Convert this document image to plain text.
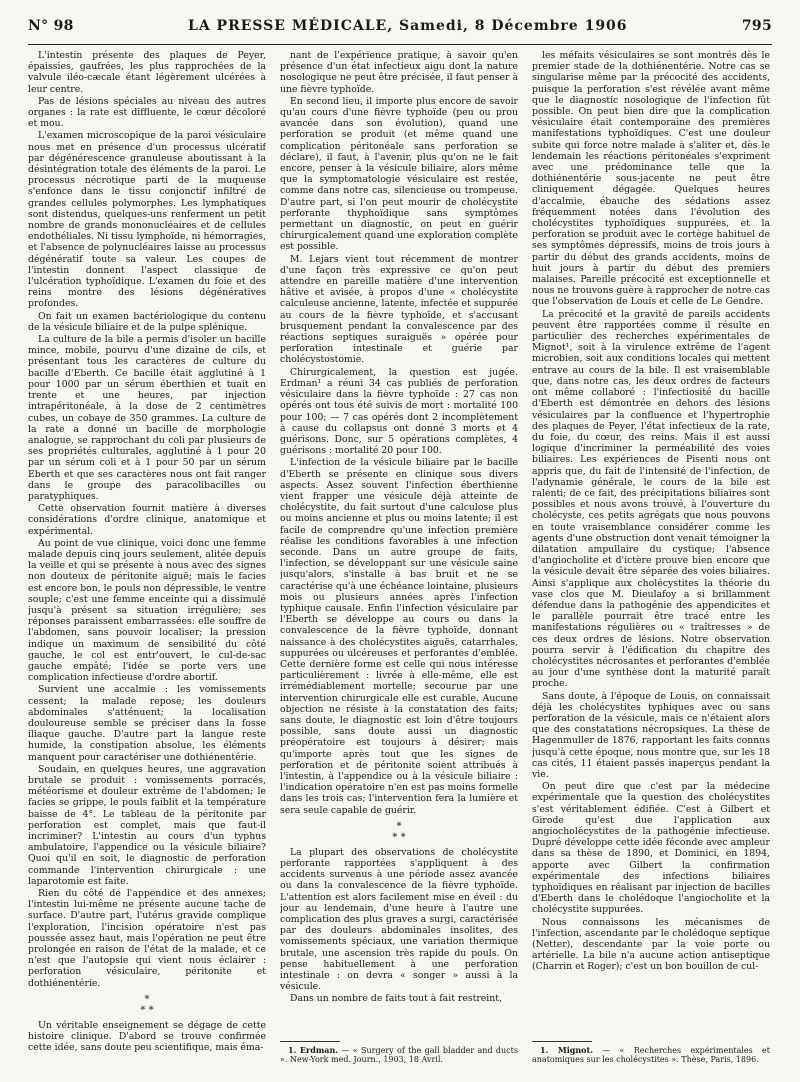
N° 98	LA PRESSE MÉDICALE, Samedi, 8 Décembre 1906	795

L'intestin présente des plaques de Peyer, épaissies, gaufrées, les plus rapprochées de la valvule iléo-cæcale étant légèrement ulcérées à leur centre.

Pas de lésions spéciales au niveau des autres organes : la rate est diffluente, le cœur décoloré et mou.

L'examen microscopique de la paroi vésiculaire nous met en présence d'un processus ulcératif par dégénérescence granuleuse aboutissant à la désintégration totale des éléments de la paroi. Le processus nécrotique parti de la muqueuse s'enfonce dans le tissu conjonctif infiltré de grandes cellules polymorphes. Les lymphatiques sont distendus, quelques-uns renferment un petit nombre de grands mononucléaires et de cellules endothéliales. Ni tissu lymphoïde, ni hémorragies, et l'absence de polynucléaires laisse au processus dégénératif toute sa valeur. Les coupes de l'intestin donnent l'aspect classique de l'ulcération typhoïdique. L'examen du foie et des reins montre des lésions dégénératives profondes.

On fait un examen bactériologique du contenu de la vésicule biliaire et de la pulpe splénique.

La culture de la bile a permis d'isoler un bacille mince, mobile, pourvu d'une dizaine de cils, et présentant tous les caractères de culture du bacille d'Eberth. Ce bacille était agglutiné à 1 pour 1000 par un sérum éberthien et tuait en trente et une heures, par injection intrapéritonéale, à la dose de 2 centimètres cubes, un cobaye de 350 grammes. La culture de la rate a donné un bacille de morphologie analogue, se rapprochant du coli par plusieurs de ses propriétés culturales, agglutiné à 1 pour 20 par un sérum coli et à 1 pour 50 par un sérum Eberth et que ses caractères nous ont fait ranger dans le groupe des paracolibacilles ou paratyphiques.

Cette observation fournit matière à diverses considérations d'ordre clinique, anatomique et expérimental.

Au point de vue clinique, voici donc une femme malade depuis cinq jours seulement, alitée depuis la veille et qui se présente à nous avec des signes non douteux de péritonite aiguë; mais le facies est encore bon, le pouls non dépressible, le ventre souple; c'est une femme enceinte qui a dissimulé jusqu'à présent sa situation irrégulière; ses réponses paraissent embarrassées: elle souffre de l'abdomen, sans pouvoir localiser; la pression indique un maximum de sensibilité du côté gauche, le col est entr'ouvert, le cul-de-sac gauche empâté; l'idée se porte vers une complication infectieuse d'ordre abortif.

Survient une accalmie : les vomissements cessent; la malade repose; les douleurs abdominales s'atténuent; la localisation douloureuse semble se préciser dans la fosse iliaque gauche. D'autre part la langue reste humide, la constipation absolue, les éléments manquent pour caractériser une dothiénentérie.

Soudain, en quelques heures, une aggravation brutale se produit : vomissements porracés, météorisme et douleur extrême de l'abdomen; le facies se grippe, le pouls faiblit et la température baisse de 4°. Le tableau de la péritonite par perforation est complet, mais que faut-il incriminer? L'intestin au cours d'un typhus ambulatoire, l'appendice ou la vésicule biliaire? Quoi qu'il en soit, le diagnostic de perforation commande l'intervention chirurgicale : une laparotomie est faite.

Rien du côté de l'appendice et des annexes; l'intestin lui-même ne présente aucune tache de surface. D'autre part, l'utérus gravide complique l'exploration, l'incision opératoire n'est pas poussée assez haut, mais l'opération ne peut être prolongée en raison de l'état de la malade, et ce n'est que l'autopsie qui vient nous éclairer : perforation vésiculaire, péritonite et dothiénentérie.

*
* *

Un véritable enseignement se dégage de cette histoire clinique. D'abord se trouve confirmée cette idée, sans doute peu scientifique, mais éma-

nant de l'expérience pratique, à savoir qu'en présence d'un état infectieux aigu dont la nature nosologique ne peut être précisée, il faut penser à une fièvre typhoïde.

En second lieu, il importe plus encore de savoir qu'au cours d'une fièvre typhoïde (peu ou prou avancée dans son évolution), quand une perforation se produit (et même quand une complication péritonéale sans perforation se déclare), il faut, à l'avenir, plus qu'on ne le fait encore, penser à la vésicule biliaire, alors même que la symptomatologie vésiculaire est restée, comme dans notre cas, silencieuse ou trompeuse. D'autre part, si l'on peut mourir de cholécystite perforante thyphoïdique sans symptômes permettant un diagnostic, on peut en guérir chirurgicalement quand une exploration complète est possible.

M. Lejars vient tout récemment de montrer d'une façon très expressive ce qu'on peut attendre en pareille matière d'une intervention hâtive et avisée, à propos d'une « cholécystite calculeuse ancienne, latente, infectée et suppurée au cours de la fièvre typhoïde, et s'accusant brusquement pendant la convalescence par des réactions septiques suraiguës » opérée pour perforation intestinale et guérie par cholécystostomie.

Chirurgicalement, la question est jugée. Erdman¹ a réuni 34 cas publiés de perforation vésiculaire dans la fièvre typhoïde : 27 cas non opérés ont tous été suivis de mort : mortalité 100 pour 100; — 7 cas opérés dont 2 incomplètement à cause du collapsus ont donné 3 morts et 4 guérisons. Donc, sur 5 opérations complètes, 4 guérisons : mortalité 20 pour 100.

L'infection de la vésicule biliaire par le bacille d'Eberth se présente en clinique sous divers aspects. Assez souvent l'infection éberthienne vient frapper une vésicule déjà atteinte de cholécystite, du fait surtout d'une calculose plus ou moins ancienne et plus ou moins latente; il est facile de comprendre qu'une infection première réalise les conditions favorables à une infection seconde. Dans un autre groupe de faits, l'infection, se développant sur une vésicule saine jusqu'alors, s'installe à bas bruit et ne se caractérise qu'à une échéance lointaine, plusieurs mois ou plusieurs années après l'infection typhique causale. Enfin l'infection vésiculaire par l'Eberth se développe au cours ou dans la convalescence de la fièvre typhoïde, donnant naissance à des cholécystites aiguës, catarrhales, suppurées ou ulcéreuses et perforantes d'emblée. Cette dernière forme est celle qui nous intéresse particulièrement : livrée à elle-même, elle est irrémédiablement mortelle; secourue par une intervention chirurgicale elle est curable. Aucune objection ne résiste à la constatation des faits; sans doute, le diagnostic est loin d'être toujours possible, sans doute aussi un diagnostic préopératoire est toujours à désirer; mais qu'importe après tout que les signes de perforation et de péritonite soient attribués à l'intestin, à l'appendice ou à la vésicule biliaire : l'indication opératoire n'en est pas moins formelle dans les trois cas; l'intervention fera la lumière et sera seule capable de guérir.

*
* *

La plupart des observations de cholécystite perforante rapportées s'appliquent à des accidents survenus à une période assez avancée ou dans la convalescence de la fièvre typhoïde. L'attention est alors facilement mise en éveil : du jour au lendemain, d'une heure à l'autre une complication des plus graves a surgi, caractérisée par des douleurs abdominales insolites, des vomissements spéciaux, une variation thermique brutale, une ascension très rapide du pouls. On pense habituellement à une perforation intestinale : on devra « songer » aussi à la vésicule.

Dans un nombre de faits tout à fait restreint,

1. Erdman. — « Surgery of the gall bladder and ducts ». New-York med. Journ., 1903, 18 Avril.

les méfaits vésiculaires se sont montrés dès le premier stade de la dothiénentérie. Notre cas se singularise même par la précocité des accidents, puisque la perforation s'est révélée avant même que le diagnostic nosologique de l'infection fût possible. On peut bien dire que la complication vésiculaire était contemporaine des premières manifestations typhoïdiques. C'est une douleur subite qui force notre malade à s'aliter et, dès le lendemain les réactions péritonéales s'expriment avec une prédominance telle que la dothiénentérie sous-jacente ne peut être cliniquement dégagée. Quelques heures d'accalmie, ébauche des sédations assez fréquemment notées dans l'évolution des cholécystites typhoïdiques suppurées, et la perforation se produit avec le cortège habituel de ses symptômes dépressifs, moins de trois jours à partir du début des grands accidents, moins de huit jours à partir du début des premiers malaises. Pareille précocité est exceptionnelle et nous ne trouvons guère à rapprocher de notre cas que l'observation de Louis et celle de Le Gendre.

La précocité et la gravité de pareils accidents peuvent être rapportées comme il résulte en particulier des recherches expérimentales de Mignot¹, soit à la virulence extrême de l'agent microbien, soit aux conditions locales qui mettent entrave au cours de la bile. Il est vraisemblable que, dans notre cas, les deux ordres de facteurs ont même collaboré : l'infectiosité du bacille d'Eberth est démontrée en dehors des lésions vésiculaires par la confluence et l'hypertrophie des plaques de Peyer, l'état infectieux de la rate, du foie, du cœur, des reins. Mais il est aussi logique d'incriminer la perméabilité des voies biliaires. Les expériences de Pisenti nous ont appris que, du fait de l'intensité de l'infection, de l'adynamie générale, le cours de la bile est ralenti; de ce fait, des précipitations biliaires sont possibles et nous avons trouvé, à l'ouverture du cholécyste, ces petits agrégats que nous pouvons en toute vraisemblance considérer comme les agents d'une obstruction dont venait témoigner la dilatation ampullaire du cystique; l'absence d'angiocholite et d'ictère prouve bien encore que la vésicule devait être séparée des voies biliaires. Ainsi s'applique aux cholécystites la théorie du vase clos que M. Dieulafoy a si brillamment défendue dans la pathogénie des appendicites et le parallèle pourrait être tracé entre les manifestations régulières ou « traîtresses » de ces deux ordres de lésions. Notre observation pourra servir à l'édification du chapitre des cholécystites nécrosantes et perforantes d'emblée au jour d'une synthèse dont la maturité paraît proche.

Sans doute, à l'époque de Louis, on connaissait déjà les cholécystites typhiques avec ou sans perforation de la vésicule, mais ce n'étaient alors que des constatations nécropsiques. La thèse de Hagenmuller de 1876, rapportant les faits connus jusqu'à cette époque, nous montre que, sur les 18 cas cités, 11 étaient passés inaperçus pendant la vie.

On peut dire que c'est par la médecine expérimentale que la question des cholécystites s'est véritablement édifiée. C'est à Gilbert et Girode qu'est due l'application aux angiocholécystites de la pathogénie infectieuse. Dupré développe cette idée féconde avec ampleur dans sa thèse de 1890, et Dominici, en 1894, apporte avec Gilbert la confirmation expérimentale des infections biliaires typhoïdiques en réalisant par injection de bacilles d'Eberth dans le cholédoque l'angiocholite et la cholécystite suppurées.

Nous connaissons les mécanismes de l'infection, ascendante par le cholédoque septique (Netter), descendante par la voie porte ou artérielle. La bile n'a aucune action antiseptique (Charrin et Roger); c'est un bon bouillon de cul-

1. Mignot. — « Recherches expérimentales et anatomiques sur les cholécystites ». Thèse, Paris, 1896.
